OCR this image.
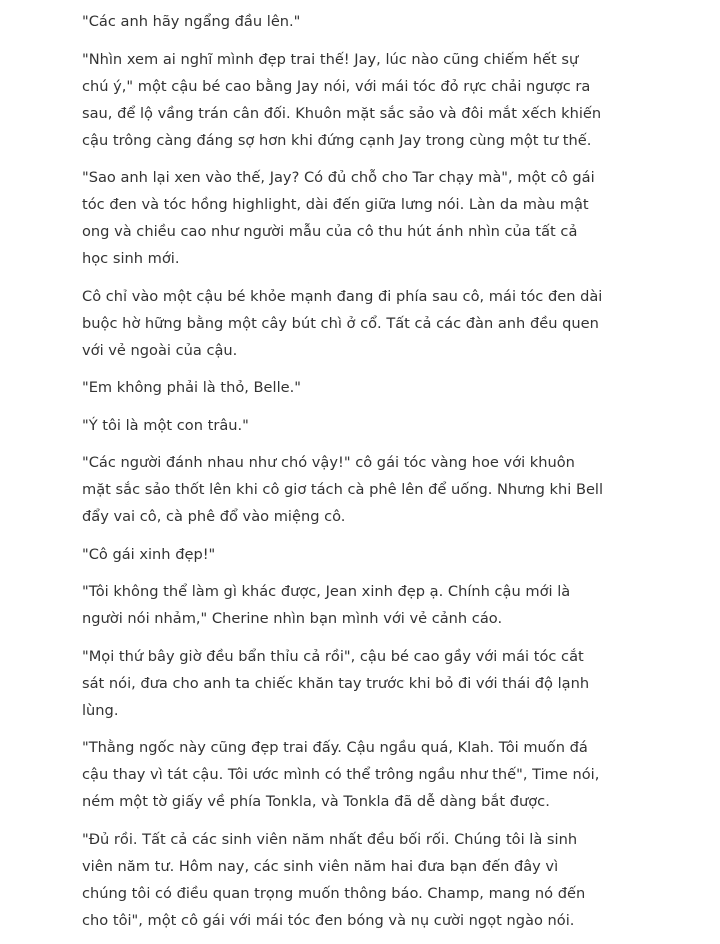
"Các anh hãy ngẩng đầu lên."

"Nhìn xem ai nghĩ mình đẹp trai thế! Jay, lúc nào cũng chiếm hết sự chú ý," một cậu bé cao bằng Jay nói, với mái tóc đỏ rực chải ngược ra sau, để lộ vầng trán cân đối. Khuôn mặt sắc sảo và đôi mắt xếch khiến cậu trông càng đáng sợ hơn khi đứng cạnh Jay trong cùng một tư thế.

"Sao anh lại xen vào thế, Jay? Có đủ chỗ cho Tar chạy mà", một cô gái tóc đen và tóc hồng highlight, dài đến giữa lưng nói. Làn da màu mật ong và chiều cao như người mẫu của cô thu hút ánh nhìn của tất cả học sinh mới.

Cô chỉ vào một cậu bé khỏe mạnh đang đi phía sau cô, mái tóc đen dài buộc hờ hững bằng một cây bút chì ở cổ. Tất cả các đàn anh đều quen với vẻ ngoài của cậu.

"Em không phải là thỏ, Belle."

"Ý tôi là một con trâu."

"Các người đánh nhau như chó vậy!" cô gái tóc vàng hoe với khuôn mặt sắc sảo thốt lên khi cô giơ tách cà phê lên để uống. Nhưng khi Bell đẩy vai cô, cà phê đổ vào miệng cô.

"Cô gái xinh đẹp!"

"Tôi không thể làm gì khác được, Jean xinh đẹp ạ. Chính cậu mới là người nói nhảm," Cherine nhìn bạn mình với vẻ cảnh cáo.

"Mọi thứ bây giờ đều bẩn thỉu cả rồi", cậu bé cao gầy với mái tóc cắt sát nói, đưa cho anh ta chiếc khăn tay trước khi bỏ đi với thái độ lạnh lùng.

"Thằng ngốc này cũng đẹp trai đấy. Cậu ngầu quá, Klah. Tôi muốn đá cậu thay vì tát cậu. Tôi ước mình có thể trông ngầu như thế", Time nói, ném một tờ giấy về phía Tonkla, và Tonkla đã dễ dàng bắt được.

"Đủ rồi. Tất cả các sinh viên năm nhất đều bối rối. Chúng tôi là sinh viên năm tư. Hôm nay, các sinh viên năm hai đưa bạn đến đây vì chúng tôi có điều quan trọng muốn thông báo. Champ, mang nó đến cho tôi", một cô gái với mái tóc đen bóng và nụ cười ngọt ngào nói.
